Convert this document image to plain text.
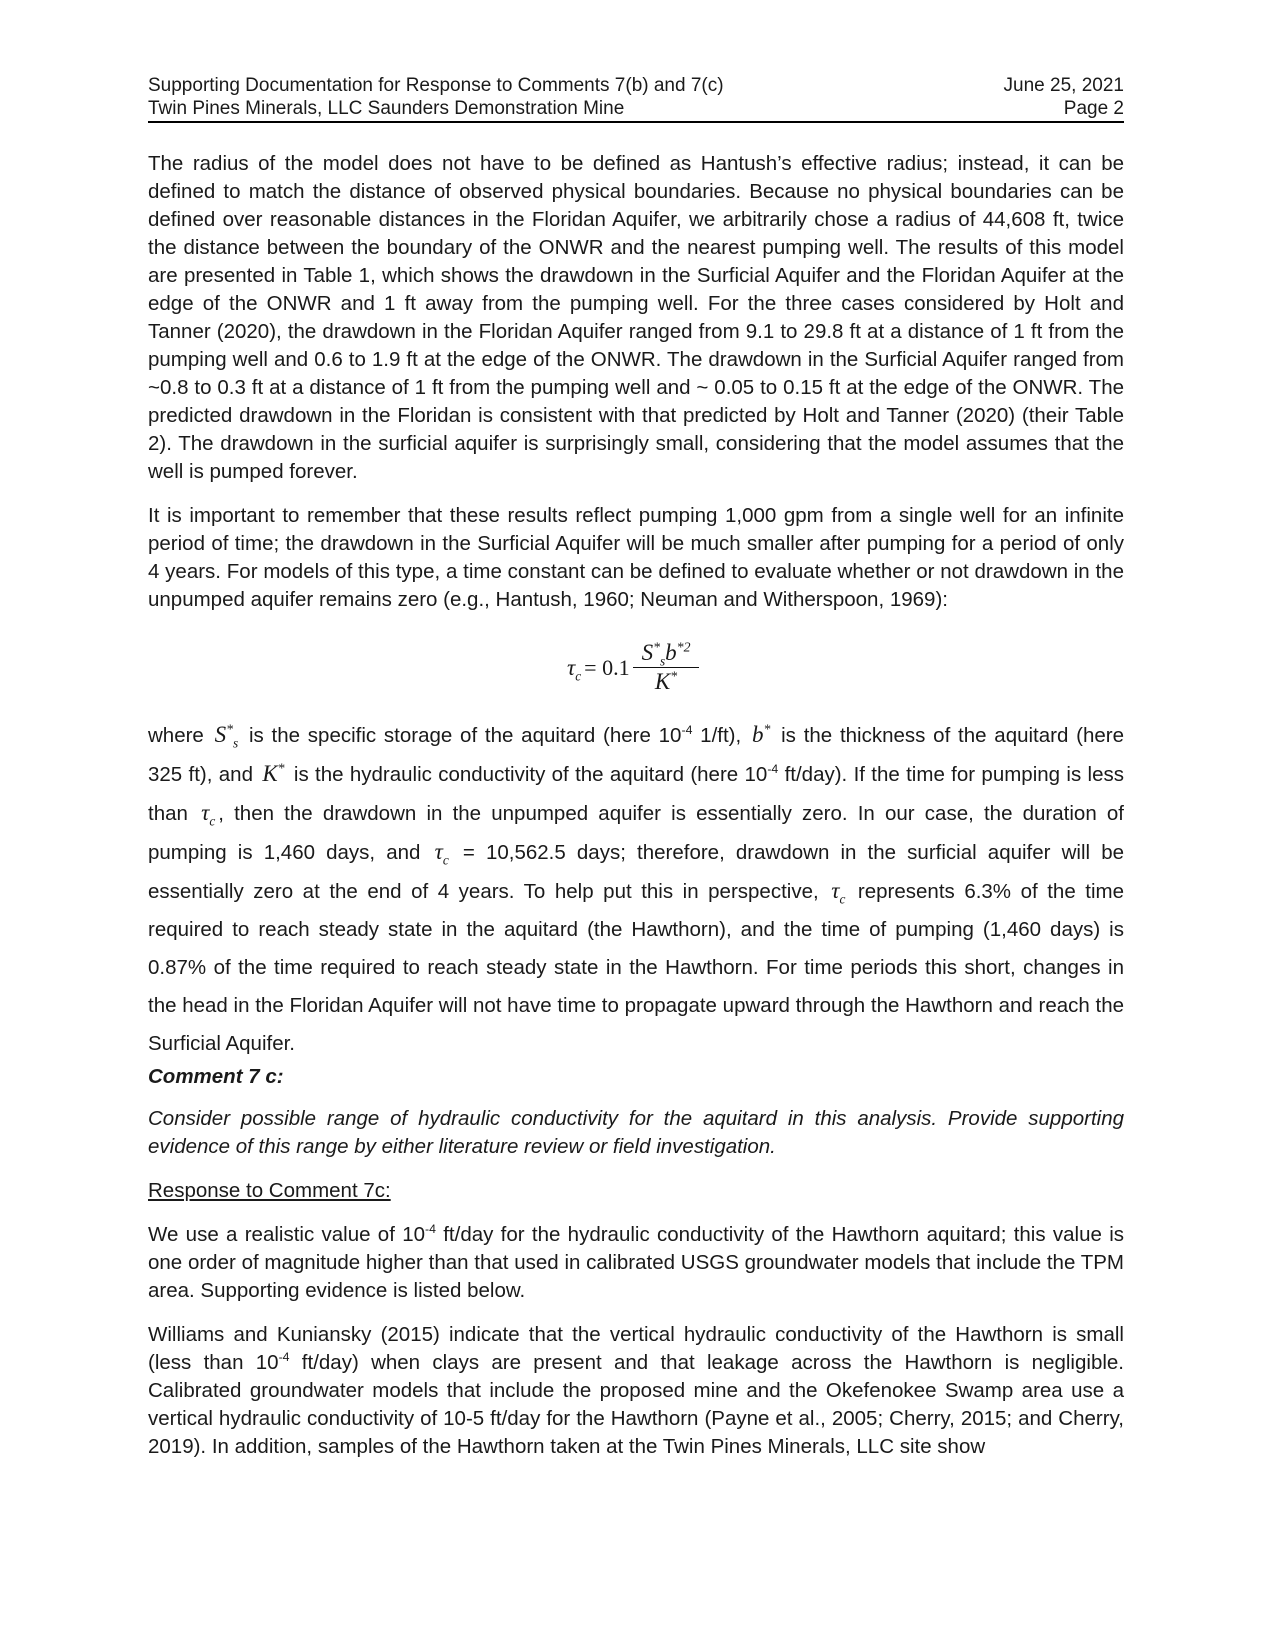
Supporting Documentation for Response to Comments 7(b) and 7(c)	June 25, 2021
Twin Pines Minerals, LLC Saunders Demonstration Mine	Page 2

The radius of the model does not have to be defined as Hantush’s effective radius; instead, it can be defined to match the distance of observed physical boundaries. Because no physical boundaries can be defined over reasonable distances in the Floridan Aquifer, we arbitrarily chose a radius of 44,608 ft, twice the distance between the boundary of the ONWR and the nearest pumping well. The results of this model are presented in Table 1, which shows the drawdown in the Surficial Aquifer and the Floridan Aquifer at the edge of the ONWR and 1 ft away from the pumping well. For the three cases considered by Holt and Tanner (2020), the drawdown in the Floridan Aquifer ranged from 9.1 to 29.8 ft at a distance of 1 ft from the pumping well and 0.6 to 1.9 ft at the edge of the ONWR. The drawdown in the Surficial Aquifer ranged from ~0.8 to 0.3 ft at a distance of 1 ft from the pumping well and ~ 0.05 to 0.15 ft at the edge of the ONWR. The predicted drawdown in the Floridan is consistent with that predicted by Holt and Tanner (2020) (their Table 2). The drawdown in the surficial aquifer is surprisingly small, considering that the model assumes that the well is pumped forever.

It is important to remember that these results reflect pumping 1,000 gpm from a single well for an infinite period of time; the drawdown in the Surficial Aquifer will be much smaller after pumping for a period of only 4 years. For models of this type, a time constant can be defined to evaluate whether or not drawdown in the unpumped aquifer remains zero (e.g., Hantush, 1960; Neuman and Witherspoon, 1969):

$\tau_c = 0.1 \frac{S^*_sb^{*2}}{K^*}$

where $S^*_s$ is the specific storage of the aquitard (here $10^{-4}$ 1/ft), b* is the thickness of the aquitard (here 325 ft), and K* is the hydraulic conductivity of the aquitard (here $10^{-4}$ ft/day). If the time for pumping is less than $\tau_c$ , then the drawdown in the unpumped aquifer is essentially zero. In our case, the duration of pumping is 1,460 days, and $\tau_c = 10,562.5$ days; therefore, drawdown in the surficial aquifer will be essentially zero at the end of 4 years. To help put this in perspective, $\tau_c$ represents 6.3% of the time required to reach steady state in the aquitard (the Hawthorn), and the time of pumping (1,460 days) is 0.87% of the time required to reach steady state in the Hawthorn. For time periods this short, changes in the head in the Floridan Aquifer will not have time to propagate upward through the Hawthorn and reach the Surficial Aquifer.

Comment 7 c:

Consider possible range of hydraulic conductivity for the aquitard in this analysis. Provide supporting evidence of this range by either literature review or field investigation.

Response to Comment 7c:

We use a realistic value of $10^{-4}$ ft/day for the hydraulic conductivity of the Hawthorn aquitard; this value is one order of magnitude higher than that used in calibrated USGS groundwater models that include the TPM area. Supporting evidence is listed below.

Williams and Kuniansky (2015) indicate that the vertical hydraulic conductivity of the Hawthorn is small (less than $10^{-4}$ ft/day) when clays are present and that leakage across the Hawthorn is negligible. Calibrated groundwater models that include the proposed mine and the Okefenokee Swamp area use a vertical hydraulic conductivity of 10-5 ft/day for the Hawthorn (Payne et al., 2005; Cherry, 2015; and Cherry, 2019). In addition, samples of the Hawthorn taken at the Twin Pines Minerals, LLC site show
